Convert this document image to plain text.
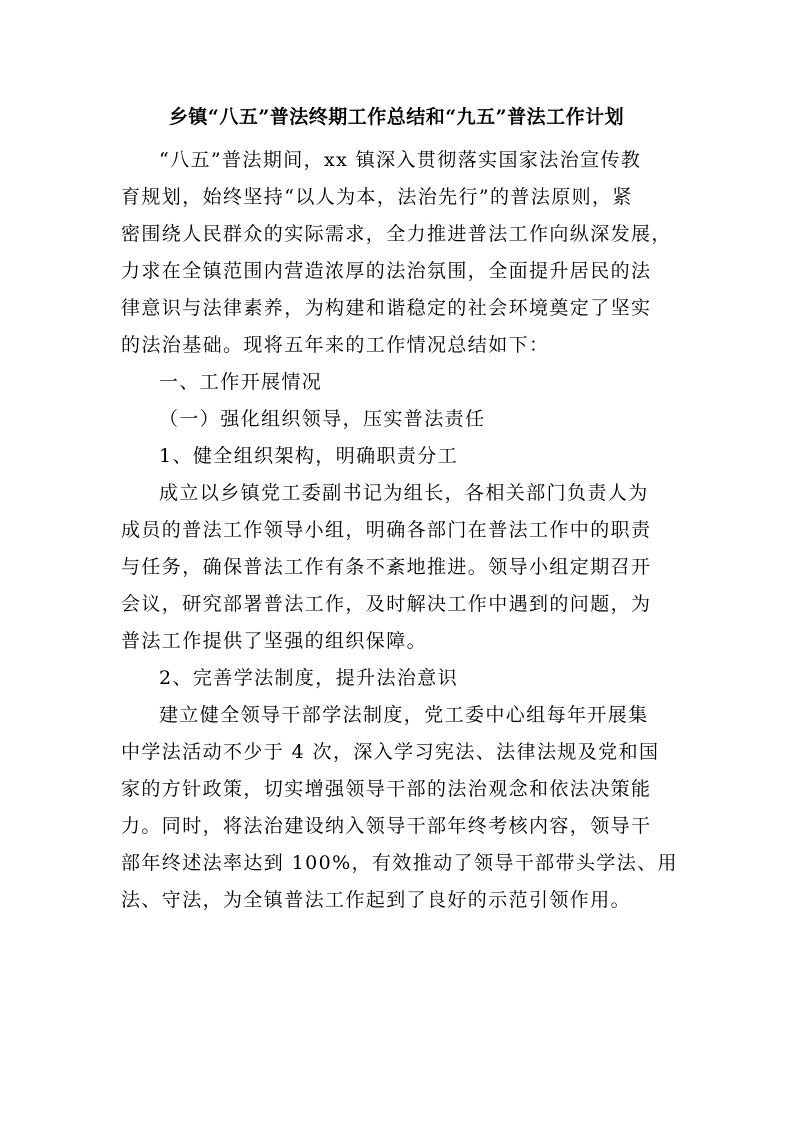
乡镇“八五”普法终期工作总结和“九五”普法工作计划

“八五”普法期间，xx 镇深入贯彻落实国家法治宣传教
育规划，始终坚持“以人为本，法治先行”的普法原则，紧
密围绕人民群众的实际需求，全力推进普法工作向纵深发展，
力求在全镇范围内营造浓厚的法治氛围，全面提升居民的法
律意识与法律素养，为构建和谐稳定的社会环境奠定了坚实
的法治基础。现将五年来的工作情况总结如下：

一、工作开展情况

（一）强化组织领导，压实普法责任

1、健全组织架构，明确职责分工

成立以乡镇党工委副书记为组长，各相关部门负责人为
成员的普法工作领导小组，明确各部门在普法工作中的职责
与任务，确保普法工作有条不紊地推进。领导小组定期召开
会议，研究部署普法工作，及时解决工作中遇到的问题，为
普法工作提供了坚强的组织保障。

2、完善学法制度，提升法治意识

建立健全领导干部学法制度，党工委中心组每年开展集
中学法活动不少于 4 次，深入学习宪法、法律法规及党和国
家的方针政策，切实增强领导干部的法治观念和依法决策能
力。同时，将法治建设纳入领导干部年终考核内容，领导干
部年终述法率达到 100%，有效推动了领导干部带头学法、用
法、守法，为全镇普法工作起到了良好的示范引领作用。
